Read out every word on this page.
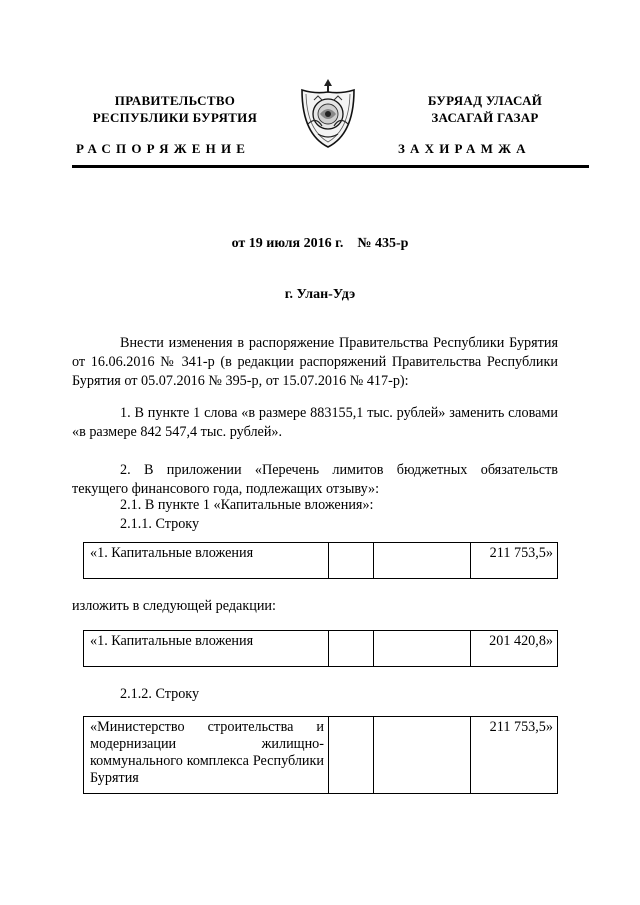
ПРАВИТЕЛЬСТВО
РЕСПУБЛИКИ БУРЯТИЯ
БУРЯАД УЛАСАЙ
ЗАСАГАЙ ГАЗАР
РАСПОРЯЖЕНИЕ	ЗАХИРАМЖА
от 19 июля 2016 г.    № 435-р
г. Улан-Удэ
Внести изменения в распоряжение Правительства Республики Бурятия от 16.06.2016 № 341-р (в редакции распоряжений Правительства Республики Бурятия от 05.07.2016 № 395-р, от 15.07.2016 № 417-р):
1. В пункте 1 слова «в размере 883155,1 тыс. рублей» заменить словами «в размере 842 547,4 тыс. рублей».
2. В приложении «Перечень лимитов бюджетных обязательств текущего финансового года, подлежащих отзыву»:
2.1. В пункте 1 «Капитальные вложения»:
2.1.1. Строку
«1. Капитальные вложения			211 753,5»
изложить в следующей редакции:
«1. Капитальные вложения			201 420,8»
2.1.2. Строку
«Министерство строительства и модернизации жилищно-коммунального комплекса Республики Бурятия			211 753,5»
